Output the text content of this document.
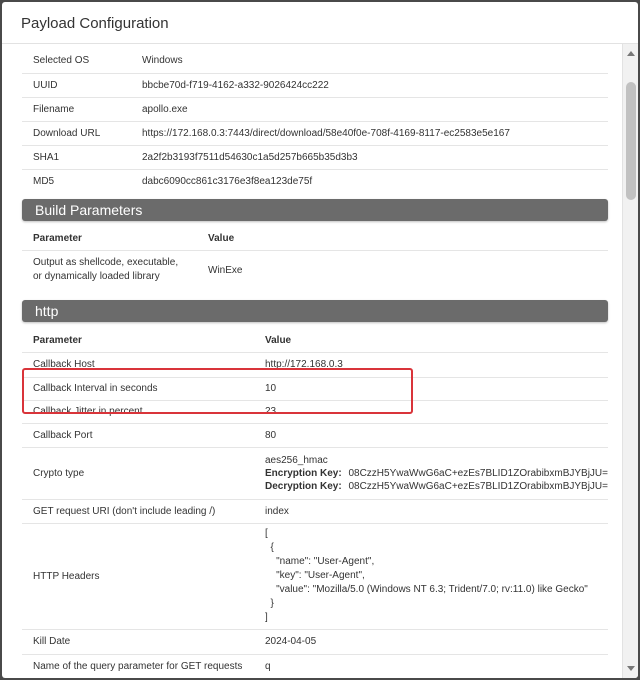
Payload Configuration
Selected OS	Windows
UUID	bbcbe70d-f719-4162-a332-9026424cc222
Filename	apollo.exe
Download URL	https://172.168.0.3:7443/direct/download/58e40f0e-708f-4169-8117-ec2583e5e167
SHA1	2a2f2b3193f7511d54630c1a5d257b665b35d3b3
MD5	dabc6090cc861c3176e3f8ea123de75f
Build Parameters
Parameter	Value

Output as shellcode, executable,
or dynamically loaded library
	WinExe
http
Parameter	Value
Callback Host	http://172.168.0.3
Callback Interval in seconds	10
Callback Jitter in percent	23
Callback Port	80
Crypto type	
aes256_hmac
Encryption Key: 08CzzH5YwaWwG6aC+ezEs7BLID1ZOrabibxmBJYBjJU=
Decryption Key: 08CzzH5YwaWwG6aC+ezEs7BLID1ZOrabibxmBJYBjJU=

GET request URI (don't include leading /)	index
HTTP Headers	
[
{
"name": "User-Agent",
"key": "User-Agent",
"value": "Mozilla/5.0 (Windows NT 6.3; Trident/7.0; rv:11.0) like Gecko"
}
]

Kill Date	2024-04-05
Name of the query parameter for GET requests	q
